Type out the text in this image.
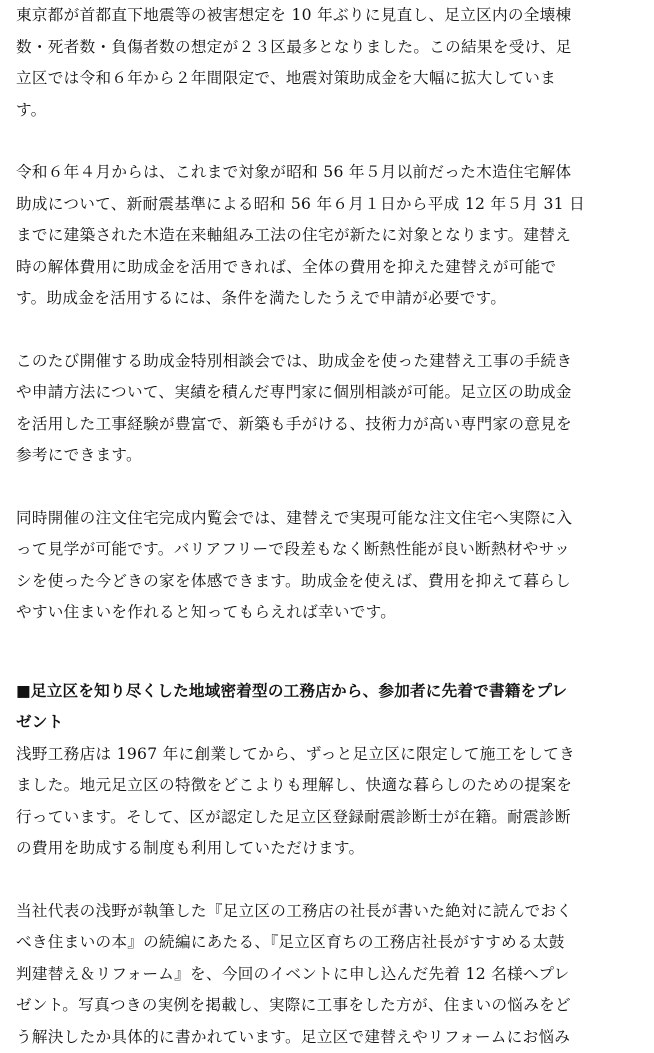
東京都が首都直下地震等の被害想定を 10 年ぶりに見直し、足立区内の全壊棟
数・死者数・負傷者数の想定が２３区最多となりました。この結果を受け、足
立区では令和６年から２年間限定で、地震対策助成金を大幅に拡大していま
す。

令和６年４月からは、これまで対象が昭和 56 年５月以前だった木造住宅解体
助成について、新耐震基準による昭和 56 年６月１日から平成 12 年５月 31 日
までに建築された木造在来軸組み工法の住宅が新たに対象となります。建替え
時の解体費用に助成金を活用できれば、全体の費用を抑えた建替えが可能で
す。助成金を活用するには、条件を満たしたうえで申請が必要です。

このたび開催する助成金特別相談会では、助成金を使った建替え工事の手続き
や申請方法について、実績を積んだ専門家に個別相談が可能。足立区の助成金
を活用した工事経験が豊富で、新築も手がける、技術力が高い専門家の意見を
参考にできます。

同時開催の注文住宅完成内覧会では、建替えで実現可能な注文住宅へ実際に入
って見学が可能です。バリアフリーで段差もなく断熱性能が良い断熱材やサッ
シを使った今どきの家を体感できます。助成金を使えば、費用を抑えて暮らし
やすい住まいを作れると知ってもらえれば幸いです。

■足立区を知り尽くした地域密着型の工務店から、参加者に先着で書籍をプレ
ゼント

浅野工務店は 1967 年に創業してから、ずっと足立区に限定して施工をしてき
ました。地元足立区の特徴をどこよりも理解し、快適な暮らしのための提案を
行っています。そして、区が認定した足立区登録耐震診断士が在籍。耐震診断
の費用を助成する制度も利用していただけます。

当社代表の浅野が執筆した『足立区の工務店の社長が書いた絶対に読んでおく
べき住まいの本』の続編にあたる、『足立区育ちの工務店社長がすすめる太鼓
判建替え＆リフォーム』を、今回のイベントに申し込んだ先着 12 名様へプレ
ゼント。写真つきの実例を掲載し、実際に工事をした方が、住まいの悩みをど
う解決したか具体的に書かれています。足立区で建替えやリフォームにお悩み
